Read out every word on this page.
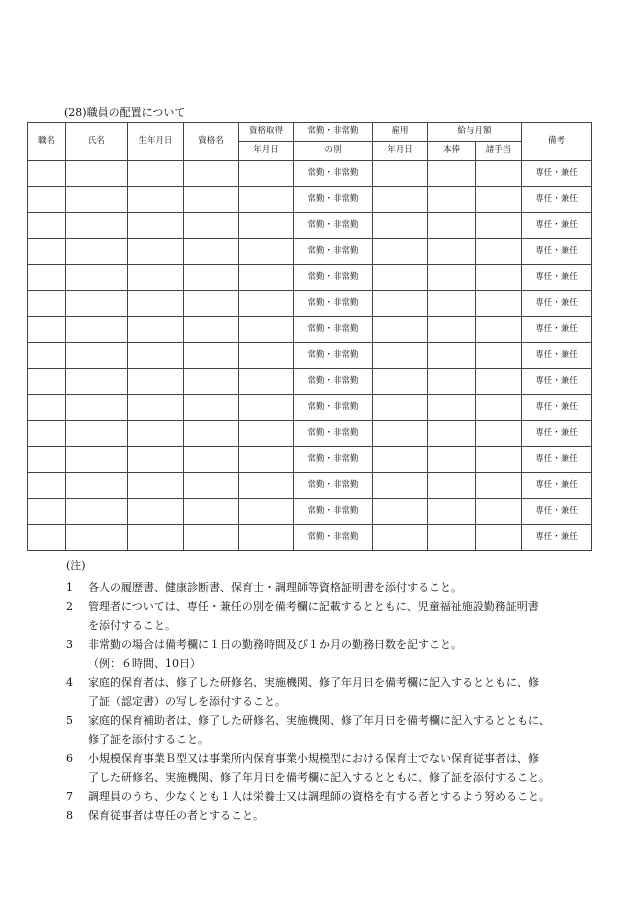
(28)職員の配置について
職名	氏名	生年月日	資格名	資格取得	常勤・非常勤	雇用	給与月額		備考
				年月日	の別	年月日	本俸	諸手当	
					常勤・非常勤				専任・兼任
					常勤・非常勤				専任・兼任
					常勤・非常勤				専任・兼任
					常勤・非常勤				専任・兼任
					常勤・非常勤				専任・兼任
					常勤・非常勤				専任・兼任
					常勤・非常勤				専任・兼任
					常勤・非常勤				専任・兼任
					常勤・非常勤				専任・兼任
					常勤・非常勤				専任・兼任
					常勤・非常勤				専任・兼任
					常勤・非常勤				専任・兼任
					常勤・非常勤				専任・兼任
					常勤・非常勤				専任・兼任
					常勤・非常勤				専任・兼任
(注)
1	各人の履歴書、健康診断書、保育士・調理師等資格証明書を添付すること。
2	管理者については、専任・兼任の別を備考欄に記載するとともに、児童福祉施設勤務証明書
を添付すること。
3	非常勤の場合は備考欄に１日の勤務時間及び１か月の勤務日数を記すこと。
（例：６時間、10日）
4	家庭的保育者は、修了した研修名、実施機関、修了年月日を備考欄に記入するとともに、修
了証（認定書）の写しを添付すること。
5	家庭的保育補助者は、修了した研修名、実施機関、修了年月日を備考欄に記入するとともに、
修了証を添付すること。
6	小規模保育事業Ｂ型又は事業所内保育事業小規模型における保育士でない保育従事者は、修
了した研修名、実施機関、修了年月日を備考欄に記入するとともに、修了証を添付すること。
7	調理員のうち、少なくとも１人は栄養士又は調理師の資格を有する者とするよう努めること。
8	保育従事者は専任の者とすること。
